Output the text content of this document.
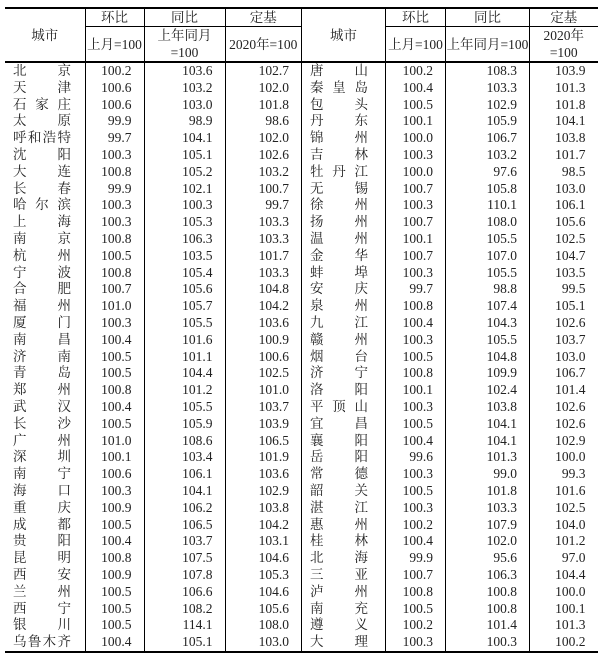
城市	环比	同比	定基
	上月=100	上年同月=100	2020年=100

北 京	100.2	103.6	102.7

天 津	100.6	103.2	102.0

石 家 庄	100.6	103.0	101.8

太 原	99.9	98.9	98.6

呼 和 浩 特	99.7	104.1	102.0

沈 阳	100.3	105.1	102.6

大 连	100.8	105.2	103.2

长 春	99.9	102.1	100.7

哈 尔 滨	100.3	100.3	99.7

上 海	100.3	105.3	103.3

南 京	100.8	106.3	103.3

杭 州	100.5	103.5	101.7

宁 波	100.8	105.4	103.3

合 肥	100.7	105.6	104.8

福 州	101.0	105.7	104.2

厦 门	100.3	105.5	103.6

南 昌	100.4	101.6	100.9

济 南	100.5	101.1	100.6

青 岛	100.5	104.4	102.5

郑 州	100.8	101.2	101.0

武 汉	100.4	105.5	103.7

长 沙	100.5	105.9	103.9

广 州	101.0	108.6	106.5

深 圳	100.1	103.4	101.9

南 宁	100.6	106.1	103.6

海 口	100.3	104.1	102.9

重 庆	100.9	106.2	103.8

成 都	100.5	106.5	104.2

贵 阳	100.4	103.7	103.1

昆 明	100.8	107.5	104.6

西 安	100.9	107.8	105.3

兰 州	100.5	106.6	104.6

西 宁	100.5	108.2	105.6

银 川	100.5	114.1	108.0

乌 鲁 木 齐	100.4	105.1	103.0
城市	环比	同比	定基
	上月=100	上年同月=100	2020年=100

唐 山	100.2	108.3	103.9

秦 皇 岛	100.4	103.3	101.3

包 头	100.5	102.9	101.8

丹 东	100.1	105.9	104.1

锦 州	100.0	106.7	103.8

吉 林	100.3	103.2	101.7

牡 丹 江	100.0	97.6	98.5

无 锡	100.7	105.8	103.0

徐 州	100.3	110.1	106.1

扬 州	100.7	108.0	105.6

温 州	100.1	105.5	102.5

金 华	100.7	107.0	104.7

蚌 埠	100.3	105.5	103.5

安 庆	99.7	98.8	99.5

泉 州	100.8	107.4	105.1

九 江	100.4	104.3	102.6

赣 州	100.3	105.5	103.7

烟 台	100.5	104.8	103.0

济 宁	100.8	109.9	106.7

洛 阳	100.1	102.4	101.4

平 顶 山	100.3	103.8	102.6

宜 昌	100.5	104.1	102.6

襄 阳	100.4	104.1	102.9

岳 阳	99.6	101.3	100.0

常 德	100.3	99.0	99.3

韶 关	100.5	101.8	101.6

湛 江	100.3	103.3	102.5

惠 州	100.2	107.9	104.0

桂 林	100.4	102.0	101.2

北 海	99.9	95.6	97.0

三 亚	100.7	106.3	104.4

泸 州	100.8	100.8	100.0

南 充	100.5	100.8	100.1

遵 义	100.2	101.4	101.3

大 理	100.3	100.3	100.2
